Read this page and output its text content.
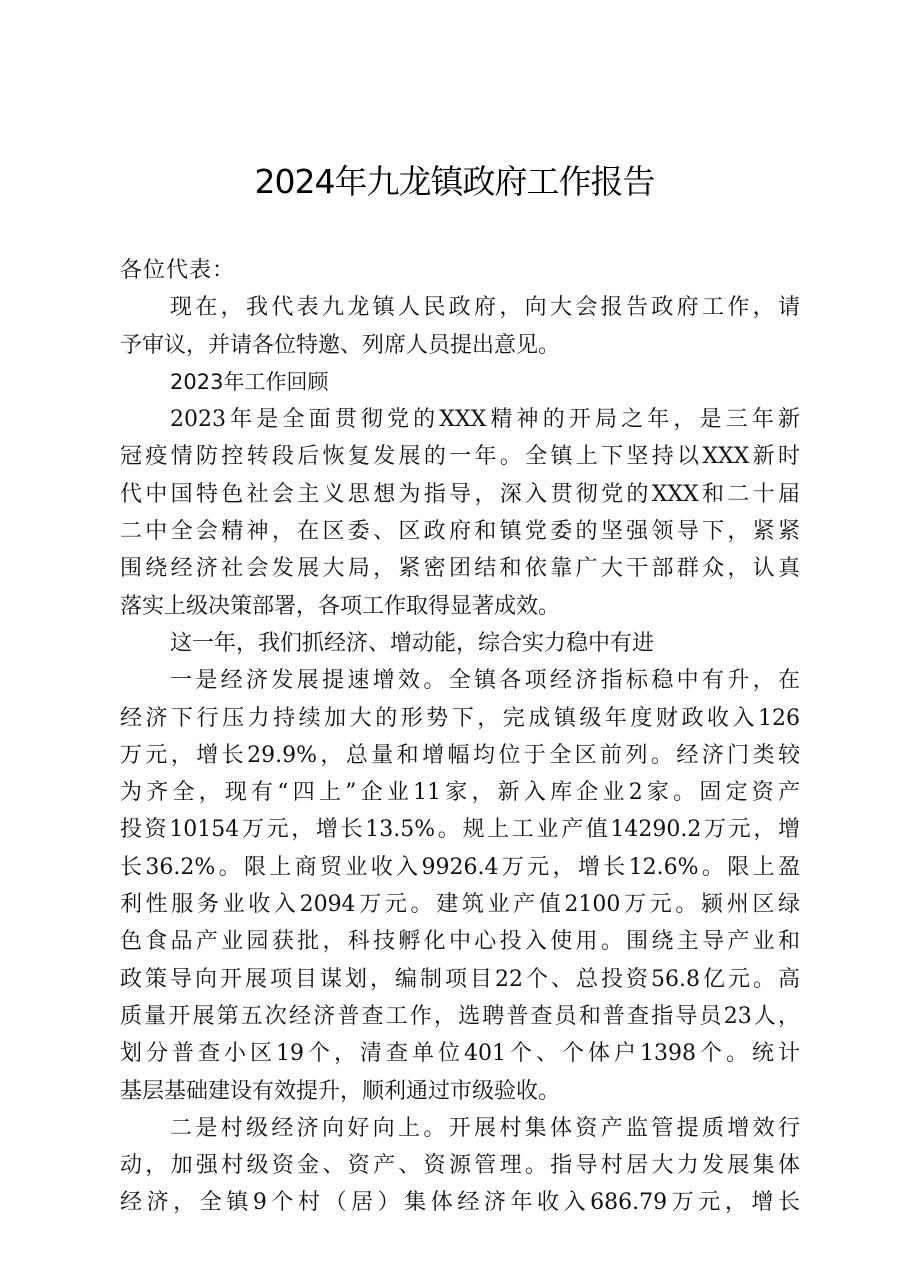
2024年九龙镇政府工作报告
各位代表：
现在，我代表九龙镇人民政府，向大会报告政府工作，请
予审议，并请各位特邀、列席人员提出意见。
2023年工作回顾
2023年是全面贯彻党的XXX精神的开局之年，是三年新
冠疫情防控转段后恢复发展的一年。全镇上下坚持以XXX新时
代中国特色社会主义思想为指导，深入贯彻党的XXX和二十届
二中全会精神，在区委、区政府和镇党委的坚强领导下，紧紧
围绕经济社会发展大局，紧密团结和依靠广大干部群众，认真
落实上级决策部署，各项工作取得显著成效。
这一年，我们抓经济、增动能，综合实力稳中有进
一是经济发展提速增效。全镇各项经济指标稳中有升，在
经济下行压力持续加大的形势下，完成镇级年度财政收入126
万元，增长29.9%，总量和增幅均位于全区前列。经济门类较
为齐全，现有“四上”企业11家，新入库企业2家。固定资产
投资10154万元，增长13.5%。规上工业产值14290.2万元，增
长36.2%。限上商贸业收入9926.4万元，增长12.6%。限上盈
利性服务业收入2094万元。建筑业产值2100万元。颍州区绿
色食品产业园获批，科技孵化中心投入使用。围绕主导产业和
政策导向开展项目谋划，编制项目22个、总投资56.8亿元。高
质量开展第五次经济普查工作，选聘普查员和普查指导员23人，
划分普查小区19个，清查单位401个、个体户1398个。统计
基层基础建设有效提升，顺利通过市级验收。
二是村级经济向好向上。开展村集体资产监管提质增效行
动，加强村级资金、资产、资源管理。指导村居大力发展集体
经济，全镇9个村（居）集体经济年收入686.79万元，增长
